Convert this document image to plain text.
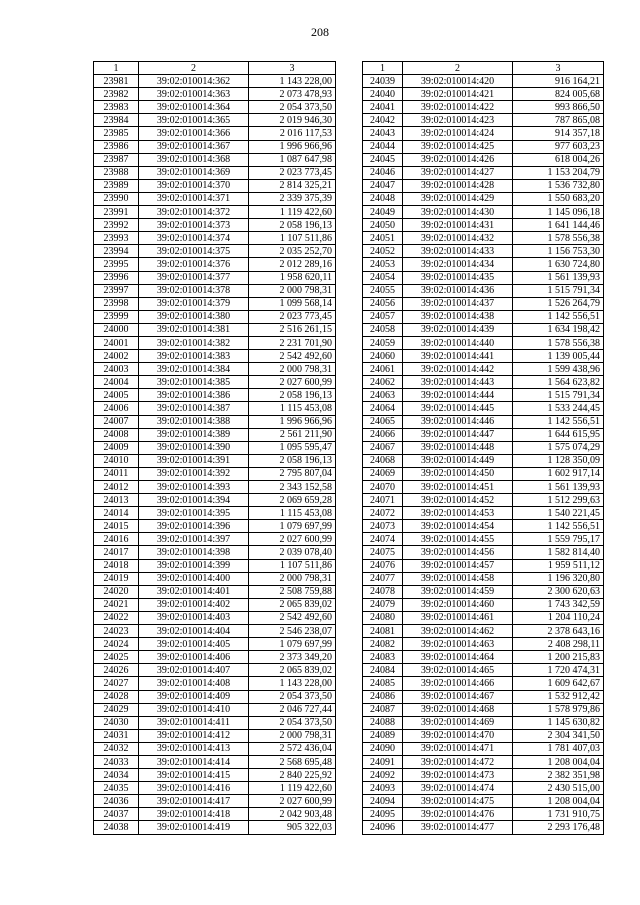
208
1	2	3
23981	39:02:010014:362	1 143 228,00
23982	39:02:010014:363	2 073 478,93
23983	39:02:010014:364	2 054 373,50
23984	39:02:010014:365	2 019 946,30
23985	39:02:010014:366	2 016 117,53
23986	39:02:010014:367	1 996 966,96
23987	39:02:010014:368	1 087 647,98
23988	39:02:010014:369	2 023 773,45
23989	39:02:010014:370	2 814 325,21
23990	39:02:010014:371	2 339 375,39
23991	39:02:010014:372	1 119 422,60
23992	39:02:010014:373	2 058 196,13
23993	39:02:010014:374	1 107 511,86
23994	39:02:010014:375	2 035 252,70
23995	39:02:010014:376	2 012 289,16
23996	39:02:010014:377	1 958 620,11
23997	39:02:010014:378	2 000 798,31
23998	39:02:010014:379	1 099 568,14
23999	39:02:010014:380	2 023 773,45
24000	39:02:010014:381	2 516 261,15
24001	39:02:010014:382	2 231 701,90
24002	39:02:010014:383	2 542 492,60
24003	39:02:010014:384	2 000 798,31
24004	39:02:010014:385	2 027 600,99
24005	39:02:010014:386	2 058 196,13
24006	39:02:010014:387	1 115 453,08
24007	39:02:010014:388	1 996 966,96
24008	39:02:010014:389	2 561 211,90
24009	39:02:010014:390	1 095 595,47
24010	39:02:010014:391	2 058 196,13
24011	39:02:010014:392	2 795 807,04
24012	39:02:010014:393	2 343 152,58
24013	39:02:010014:394	2 069 659,28
24014	39:02:010014:395	1 115 453,08
24015	39:02:010014:396	1 079 697,99
24016	39:02:010014:397	2 027 600,99
24017	39:02:010014:398	2 039 078,40
24018	39:02:010014:399	1 107 511,86
24019	39:02:010014:400	2 000 798,31
24020	39:02:010014:401	2 508 759,88
24021	39:02:010014:402	2 065 839,02
24022	39:02:010014:403	2 542 492,60
24023	39:02:010014:404	2 546 238,07
24024	39:02:010014:405	1 079 697,99
24025	39:02:010014:406	2 373 349,20
24026	39:02:010014:407	2 065 839,02
24027	39:02:010014:408	1 143 228,00
24028	39:02:010014:409	2 054 373,50
24029	39:02:010014:410	2 046 727,44
24030	39:02:010014:411	2 054 373,50
24031	39:02:010014:412	2 000 798,31
24032	39:02:010014:413	2 572 436,04
24033	39:02:010014:414	2 568 695,48
24034	39:02:010014:415	2 840 225,92
24035	39:02:010014:416	1 119 422,60
24036	39:02:010014:417	2 027 600,99
24037	39:02:010014:418	2 042 903,48
24038	39:02:010014:419	905 322,03
1	2	3
24039	39:02:010014:420	916 164,21
24040	39:02:010014:421	824 005,68
24041	39:02:010014:422	993 866,50
24042	39:02:010014:423	787 865,08
24043	39:02:010014:424	914 357,18
24044	39:02:010014:425	977 603,23
24045	39:02:010014:426	618 004,26
24046	39:02:010014:427	1 153 204,79
24047	39:02:010014:428	1 536 732,80
24048	39:02:010014:429	1 550 683,20
24049	39:02:010014:430	1 145 096,18
24050	39:02:010014:431	1 641 144,46
24051	39:02:010014:432	1 578 556,38
24052	39:02:010014:433	1 156 753,30
24053	39:02:010014:434	1 630 724,80
24054	39:02:010014:435	1 561 139,93
24055	39:02:010014:436	1 515 791,34
24056	39:02:010014:437	1 526 264,79
24057	39:02:010014:438	1 142 556,51
24058	39:02:010014:439	1 634 198,42
24059	39:02:010014:440	1 578 556,38
24060	39:02:010014:441	1 139 005,44
24061	39:02:010014:442	1 599 438,96
24062	39:02:010014:443	1 564 623,82
24063	39:02:010014:444	1 515 791,34
24064	39:02:010014:445	1 533 244,45
24065	39:02:010014:446	1 142 556,51
24066	39:02:010014:447	1 644 615,95
24067	39:02:010014:448	1 575 074,29
24068	39:02:010014:449	1 128 350,09
24069	39:02:010014:450	1 602 917,14
24070	39:02:010014:451	1 561 139,93
24071	39:02:010014:452	1 512 299,63
24072	39:02:010014:453	1 540 221,45
24073	39:02:010014:454	1 142 556,51
24074	39:02:010014:455	1 559 795,17
24075	39:02:010014:456	1 582 814,40
24076	39:02:010014:457	1 959 511,12
24077	39:02:010014:458	1 196 320,80
24078	39:02:010014:459	2 300 620,63
24079	39:02:010014:460	1 743 342,59
24080	39:02:010014:461	1 204 110,24
24081	39:02:010014:462	2 378 643,16
24082	39:02:010014:463	2 408 298,11
24083	39:02:010014:464	1 200 215,83
24084	39:02:010014:465	1 720 474,31
24085	39:02:010014:466	1 609 642,67
24086	39:02:010014:467	1 532 912,42
24087	39:02:010014:468	1 578 979,86
24088	39:02:010014:469	1 145 630,82
24089	39:02:010014:470	2 304 341,50
24090	39:02:010014:471	1 781 407,03
24091	39:02:010014:472	1 208 004,04
24092	39:02:010014:473	2 382 351,98
24093	39:02:010014:474	2 430 515,00
24094	39:02:010014:475	1 208 004,04
24095	39:02:010014:476	1 731 910,75
24096	39:02:010014:477	2 293 176,48
